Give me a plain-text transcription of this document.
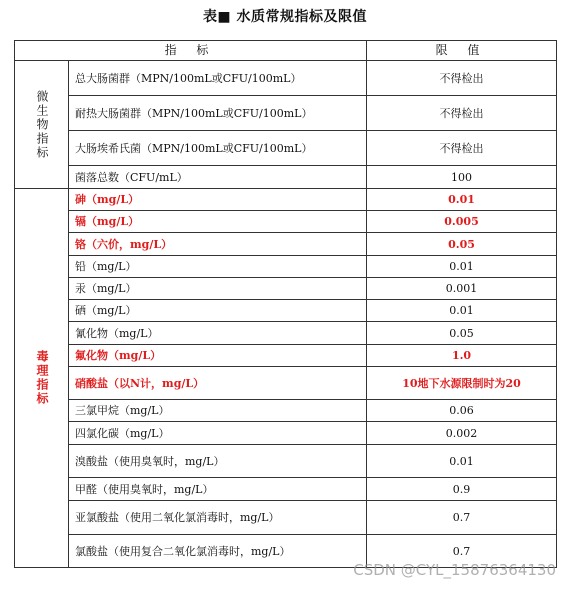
表■ 水质常规指标及限值
指 标		限 值
微生物指标	总大肠菌群（MPN/100mL或CFU/100mL）	不得检出
	耐热大肠菌群（MPN/100mL或CFU/100mL）	不得检出
	大肠埃希氏菌（MPN/100mL或CFU/100mL）	不得检出
	菌落总数（CFU/mL）	100
毒理指标	砷（mg/L）	0.01
	镉（mg/L）	0.005
	铬（六价，mg/L）	0.05
	铅（mg/L）	0.01
	汞（mg/L）	0.001
	硒（mg/L）	0.01
	氰化物（mg/L）	0.05
	氟化物（mg/L）	1.0
	硝酸盐（以N计，mg/L）	10地下水源限制时为20
	三氯甲烷（mg/L）	0.06
	四氯化碳（mg/L）	0.002
	溴酸盐（使用臭氧时，mg/L）	0.01
	甲醛（使用臭氧时，mg/L）	0.9
	亚氯酸盐（使用二氧化氯消毒时，mg/L）	0.7
	氯酸盐（使用复合二氧化氯消毒时，mg/L）	0.7
CSDN @CYL_15876364130
